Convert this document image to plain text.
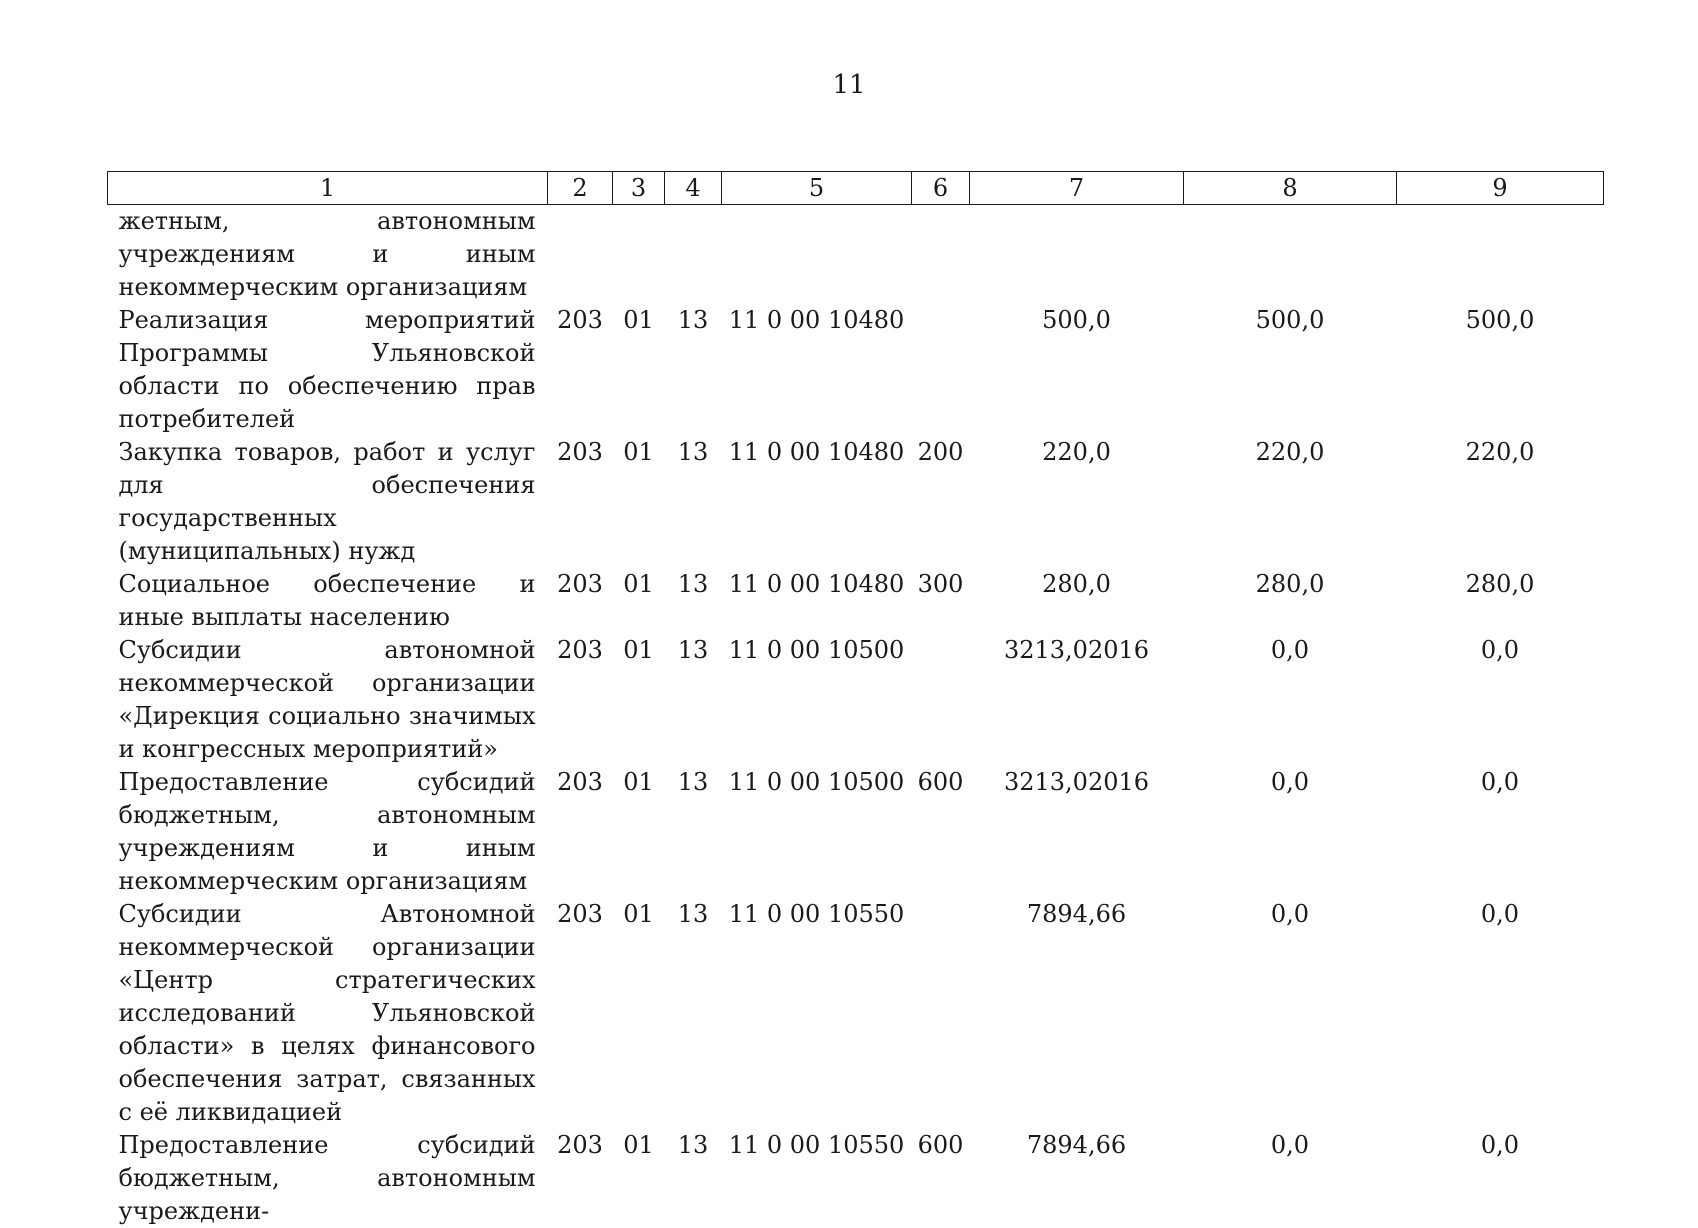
11
1	2	3	4	5	6	7	8	9
жетным, автономным учреждениям и иным некоммерческим организациям								
Реализация мероприятий Программы Ульяновской области по обеспечению прав потребителей	203	01	13	11 0 00 10480		500,0	500,0	500,0
Закупка товаров, работ и услуг для обеспечения государственных (муниципальных) нужд	203	01	13	11 0 00 10480	200	220,0	220,0	220,0
Социальное обеспечение и иные выплаты населению	203	01	13	11 0 00 10480	300	280,0	280,0	280,0
Субсидии автономной некоммерческой организации «Дирекция социально значимых и конгрессных мероприятий»	203	01	13	11 0 00 10500		3213,02016	0,0	0,0
Предоставление субсидий бюджетным, автономным учреждениям и иным некоммерческим организациям	203	01	13	11 0 00 10500	600	3213,02016	0,0	0,0
Субсидии Автономной некоммерческой организации «Центр стратегических исследований Ульяновской области» в целях финансового обеспечения затрат, связанных с её ликвидацией	203	01	13	11 0 00 10550		7894,66	0,0	0,0
Предоставление субсидий бюджетным, автономным учреждени-	203	01	13	11 0 00 10550	600	7894,66	0,0	0,0
